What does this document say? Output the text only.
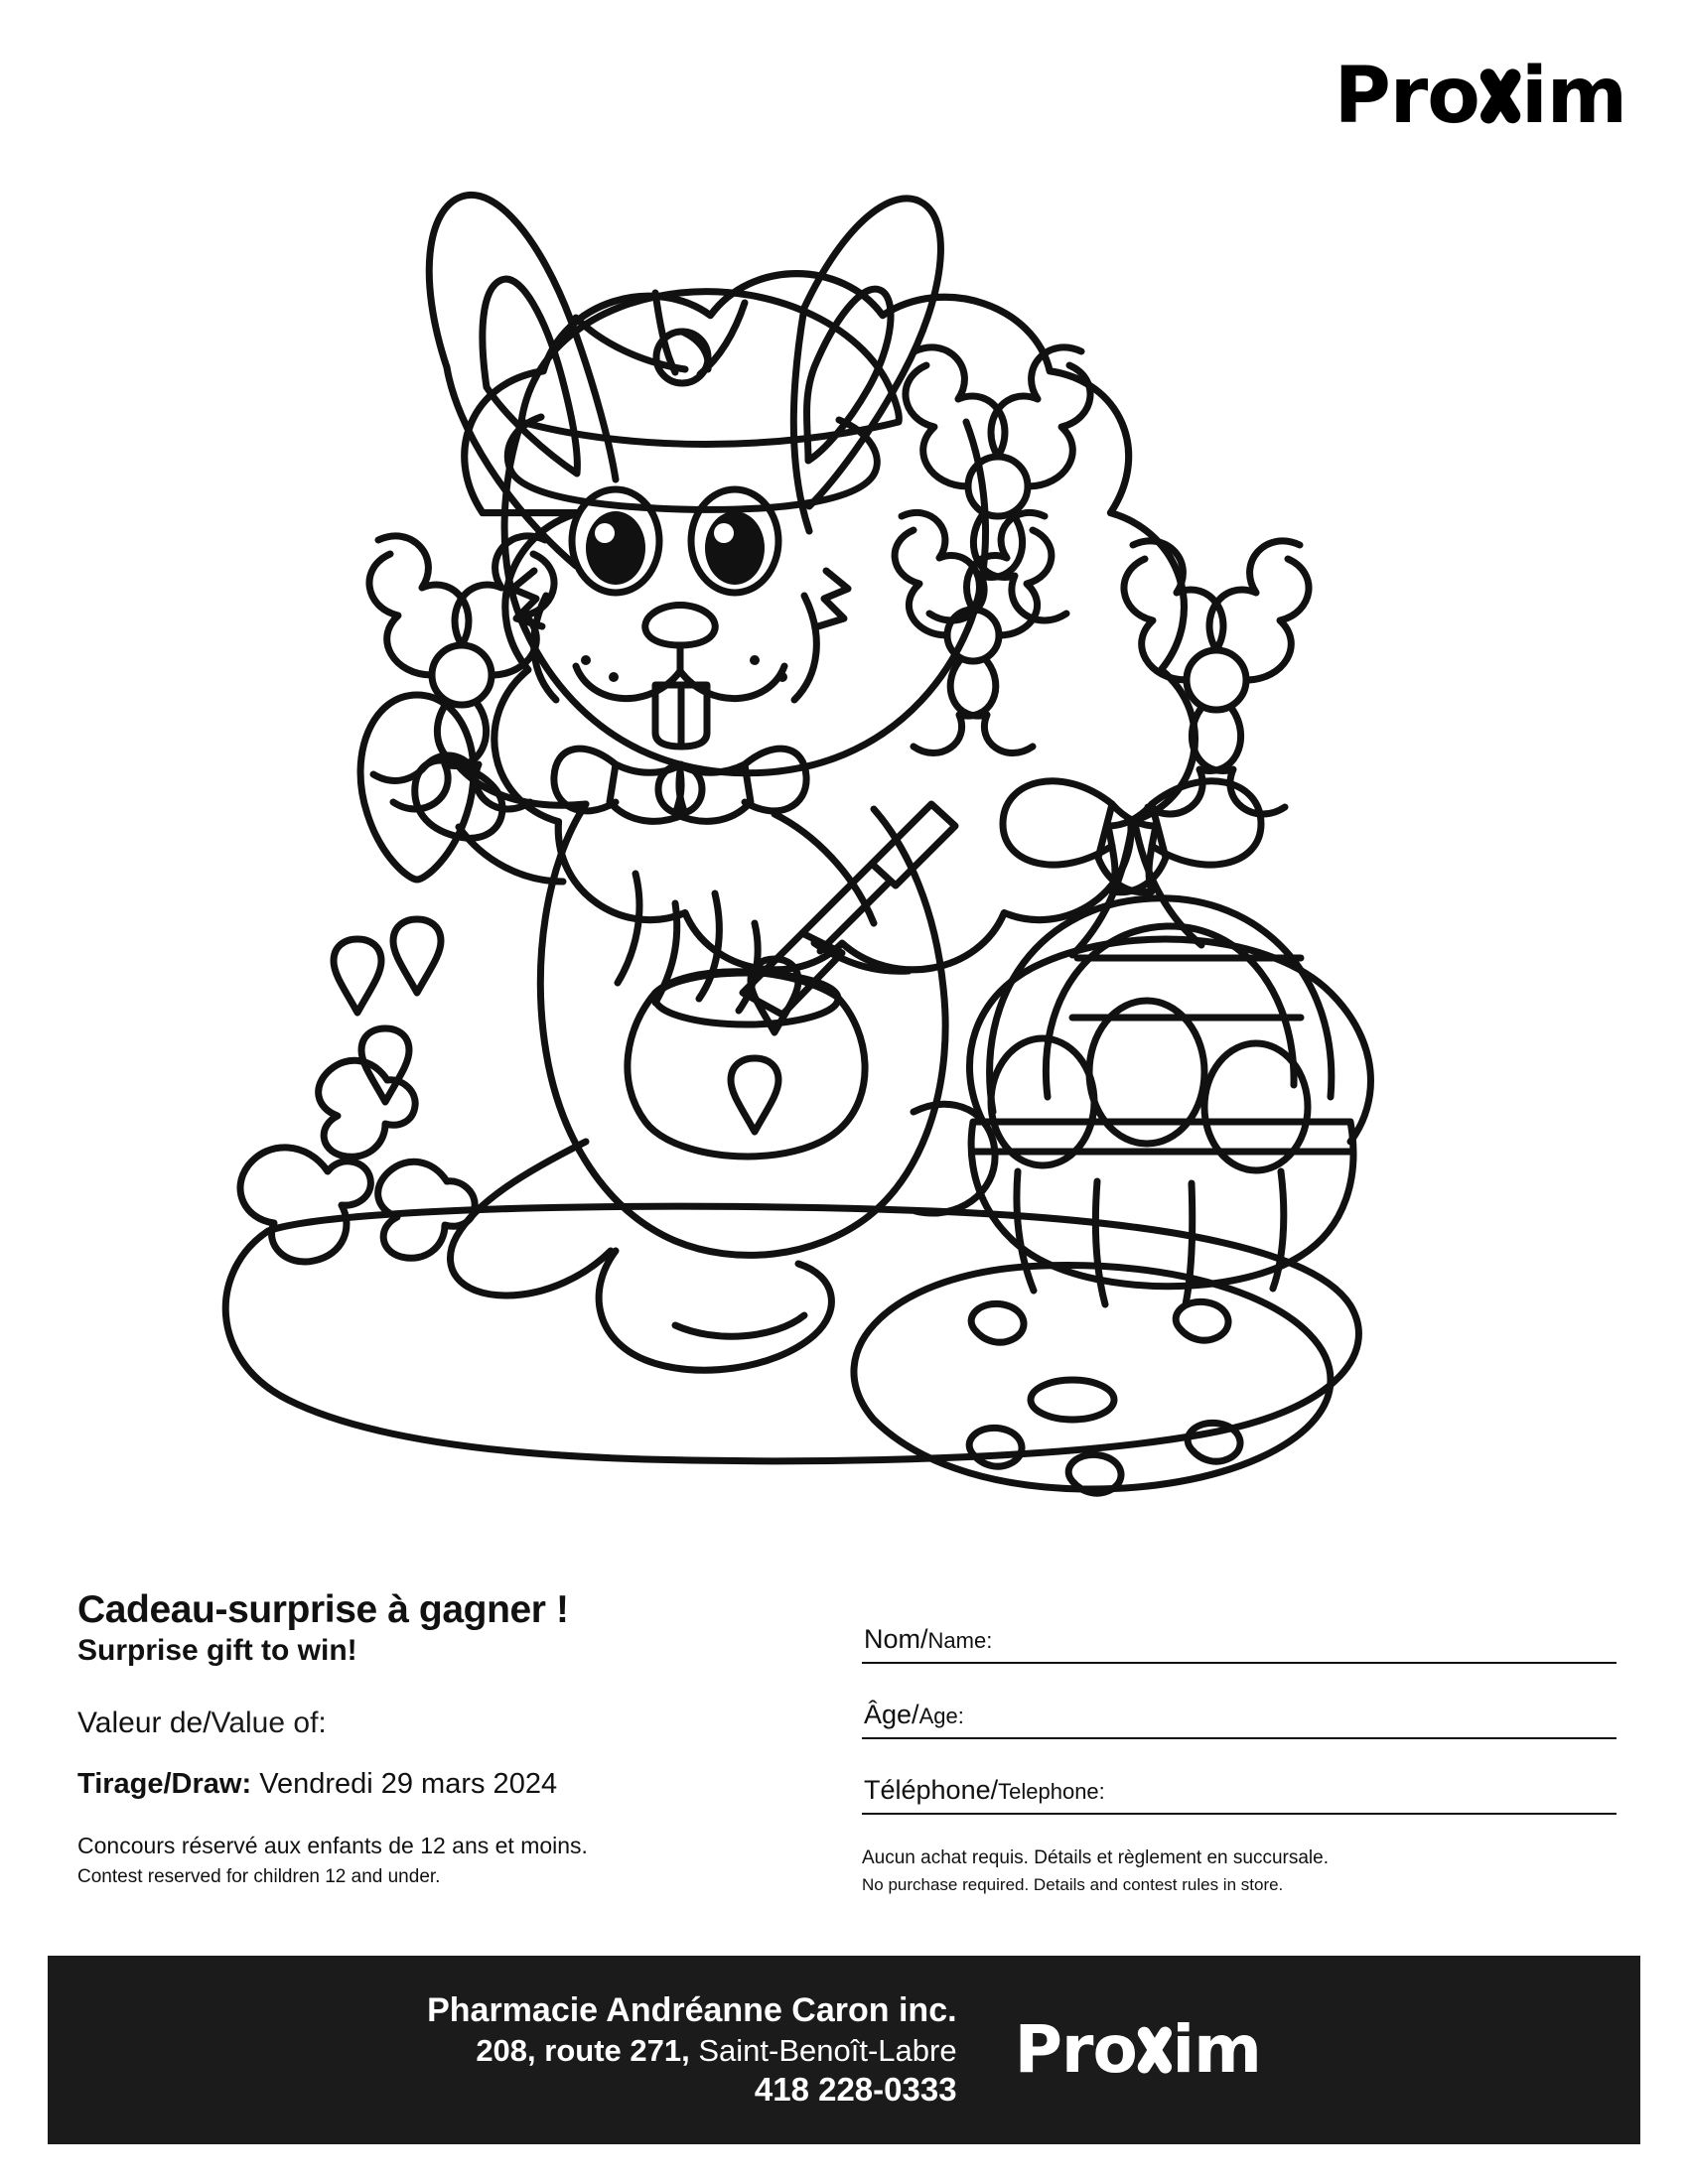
Pro im
Cadeau-surprise à gagner !
Surprise gift to win!
Valeur de/Value of:
Tirage/Draw: Vendredi 29 mars 2024
Concours réservé aux enfants de 12 ans et moins.
Contest reserved for children 12 and under.
Nom/Name:
Âge/Age:
Téléphone/Telephone:
Aucun achat requis. Détails et règlement en succursale.
No purchase required. Details and contest rules in store.
Pharmacie Andréanne Caron inc.
208, route 271, Saint-Benoît-Labre
418 228-0333
Pro im
